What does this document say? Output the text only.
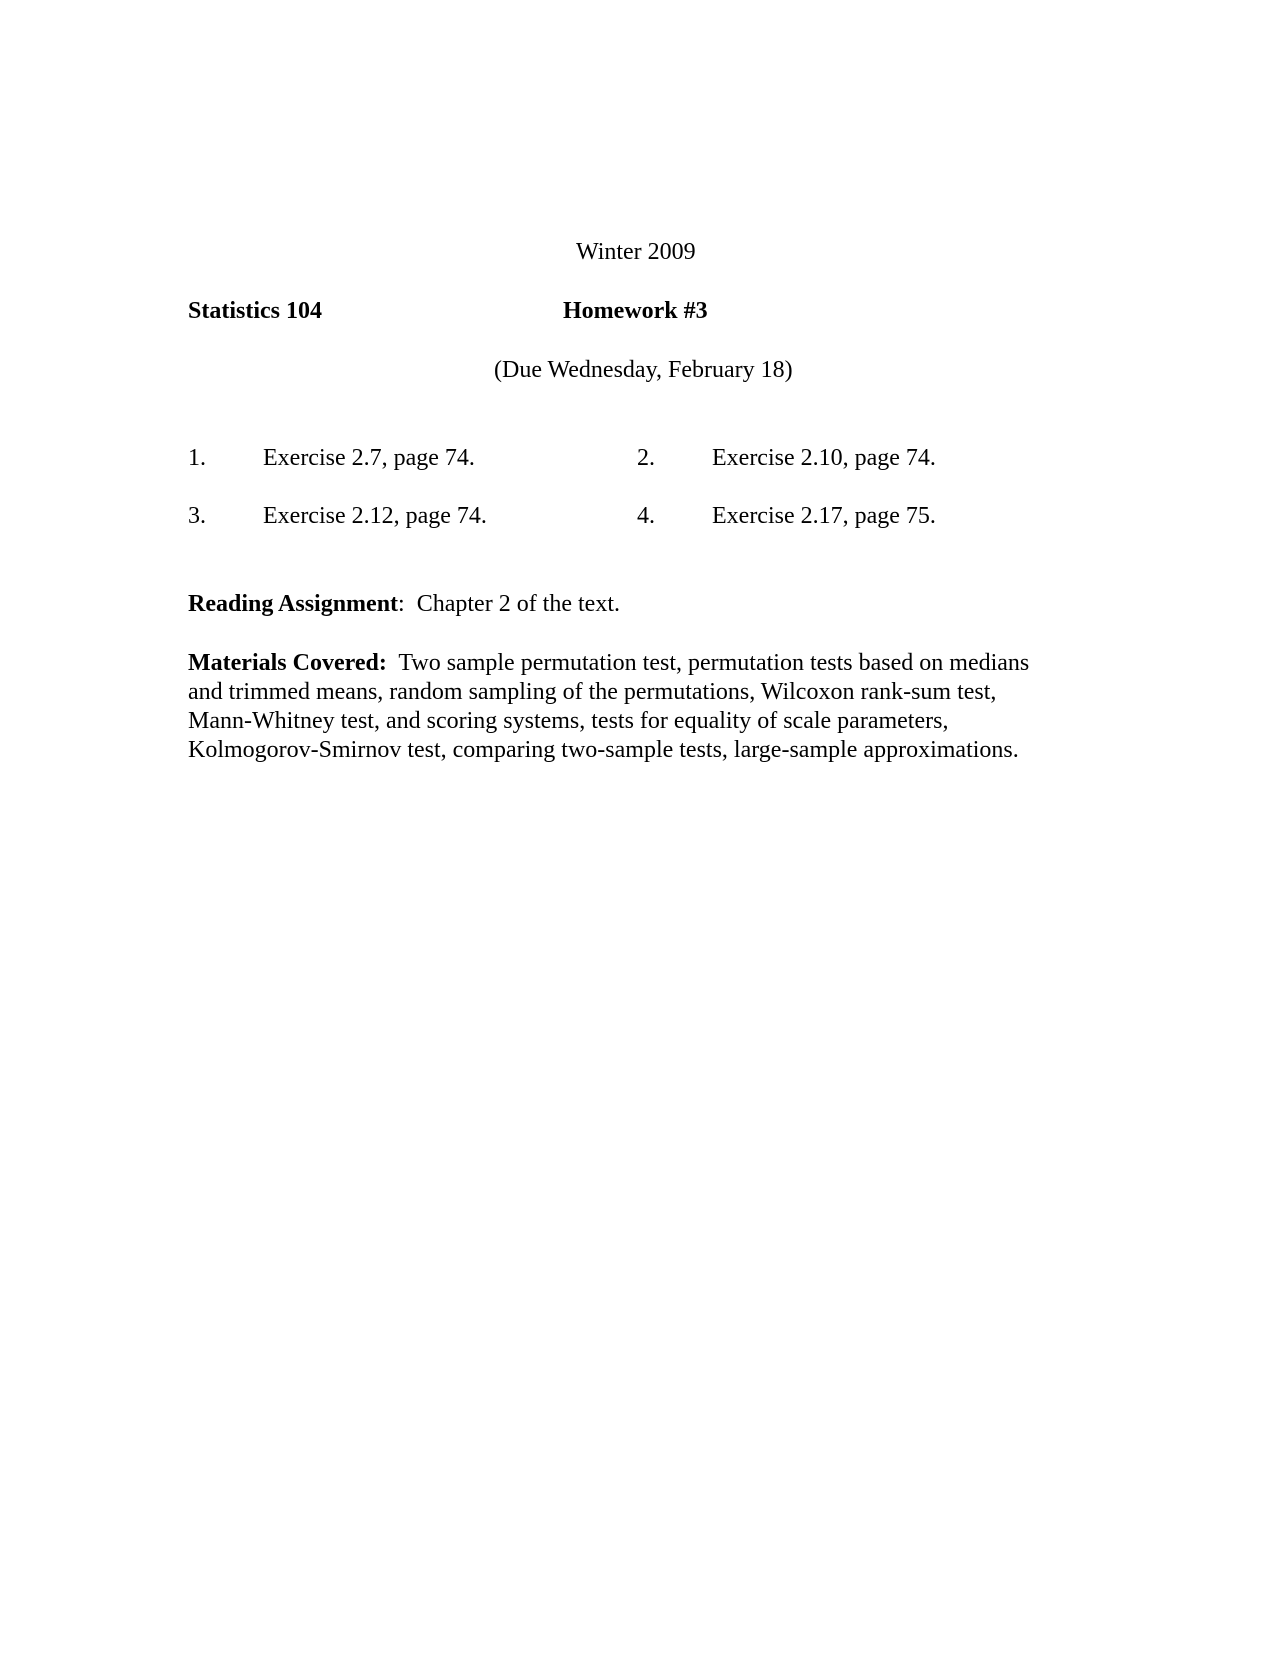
Winter 2009
Statistics 104	Homework #3
(Due Wednesday, February 18)
1. Exercise 2.7, page 74.	2. Exercise 2.10, page 74.
3. Exercise 2.12, page 74.	4. Exercise 2.17, page 75.
Reading Assignment:  Chapter 2 of the text.
Materials Covered:  Two sample permutation test, permutation tests based on medians
and trimmed means, random sampling of the permutations, Wilcoxon rank-sum test,
Mann-Whitney test, and scoring systems, tests for equality of scale parameters,
Kolmogorov-Smirnov test, comparing two-sample tests, large-sample approximations.
